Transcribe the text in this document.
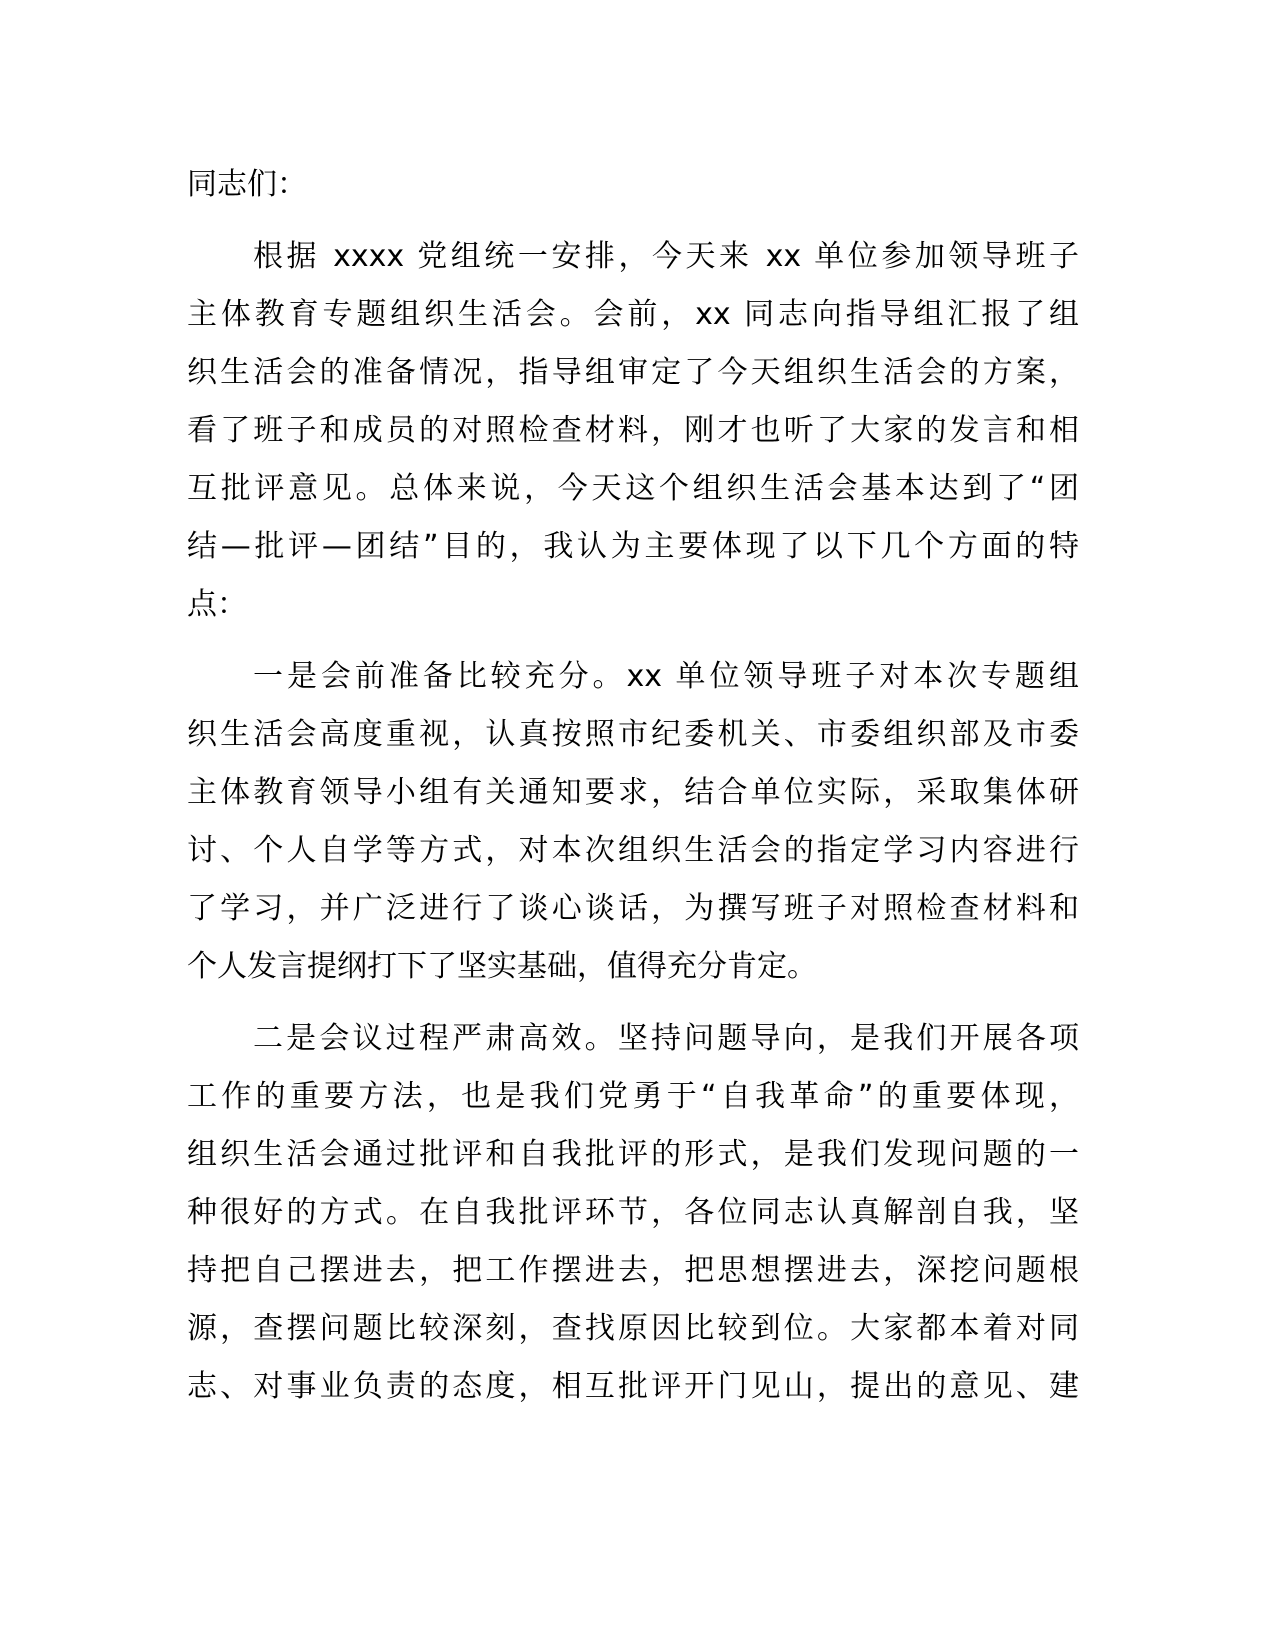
同志们：

根据 xxxx 党组统一安排，今天来 xx 单位参加领导班子
主体教育专题组织生活会。会前，xx 同志向指导组汇报了组
织生活会的准备情况，指导组审定了今天组织生活会的方案，
看了班子和成员的对照检查材料，刚才也听了大家的发言和相
互批评意见。总体来说，今天这个组织生活会基本达到了“团
结—批评—团结”目的，我认为主要体现了以下几个方面的特
点：
一是会前准备比较充分。xx 单位领导班子对本次专题组
织生活会高度重视，认真按照市纪委机关、市委组织部及市委
主体教育领导小组有关通知要求，结合单位实际，采取集体研
讨、个人自学等方式，对本次组织生活会的指定学习内容进行
了学习，并广泛进行了谈心谈话，为撰写班子对照检查材料和
个人发言提纲打下了坚实基础，值得充分肯定。
二是会议过程严肃高效。坚持问题导向，是我们开展各项
工作的重要方法，也是我们党勇于“自我革命”的重要体现，
组织生活会通过批评和自我批评的形式，是我们发现问题的一
种很好的方式。在自我批评环节，各位同志认真解剖自我，坚
持把自己摆进去，把工作摆进去，把思想摆进去，深挖问题根
源，查摆问题比较深刻，查找原因比较到位。大家都本着对同
志、对事业负责的态度，相互批评开门见山，提出的意见、建
